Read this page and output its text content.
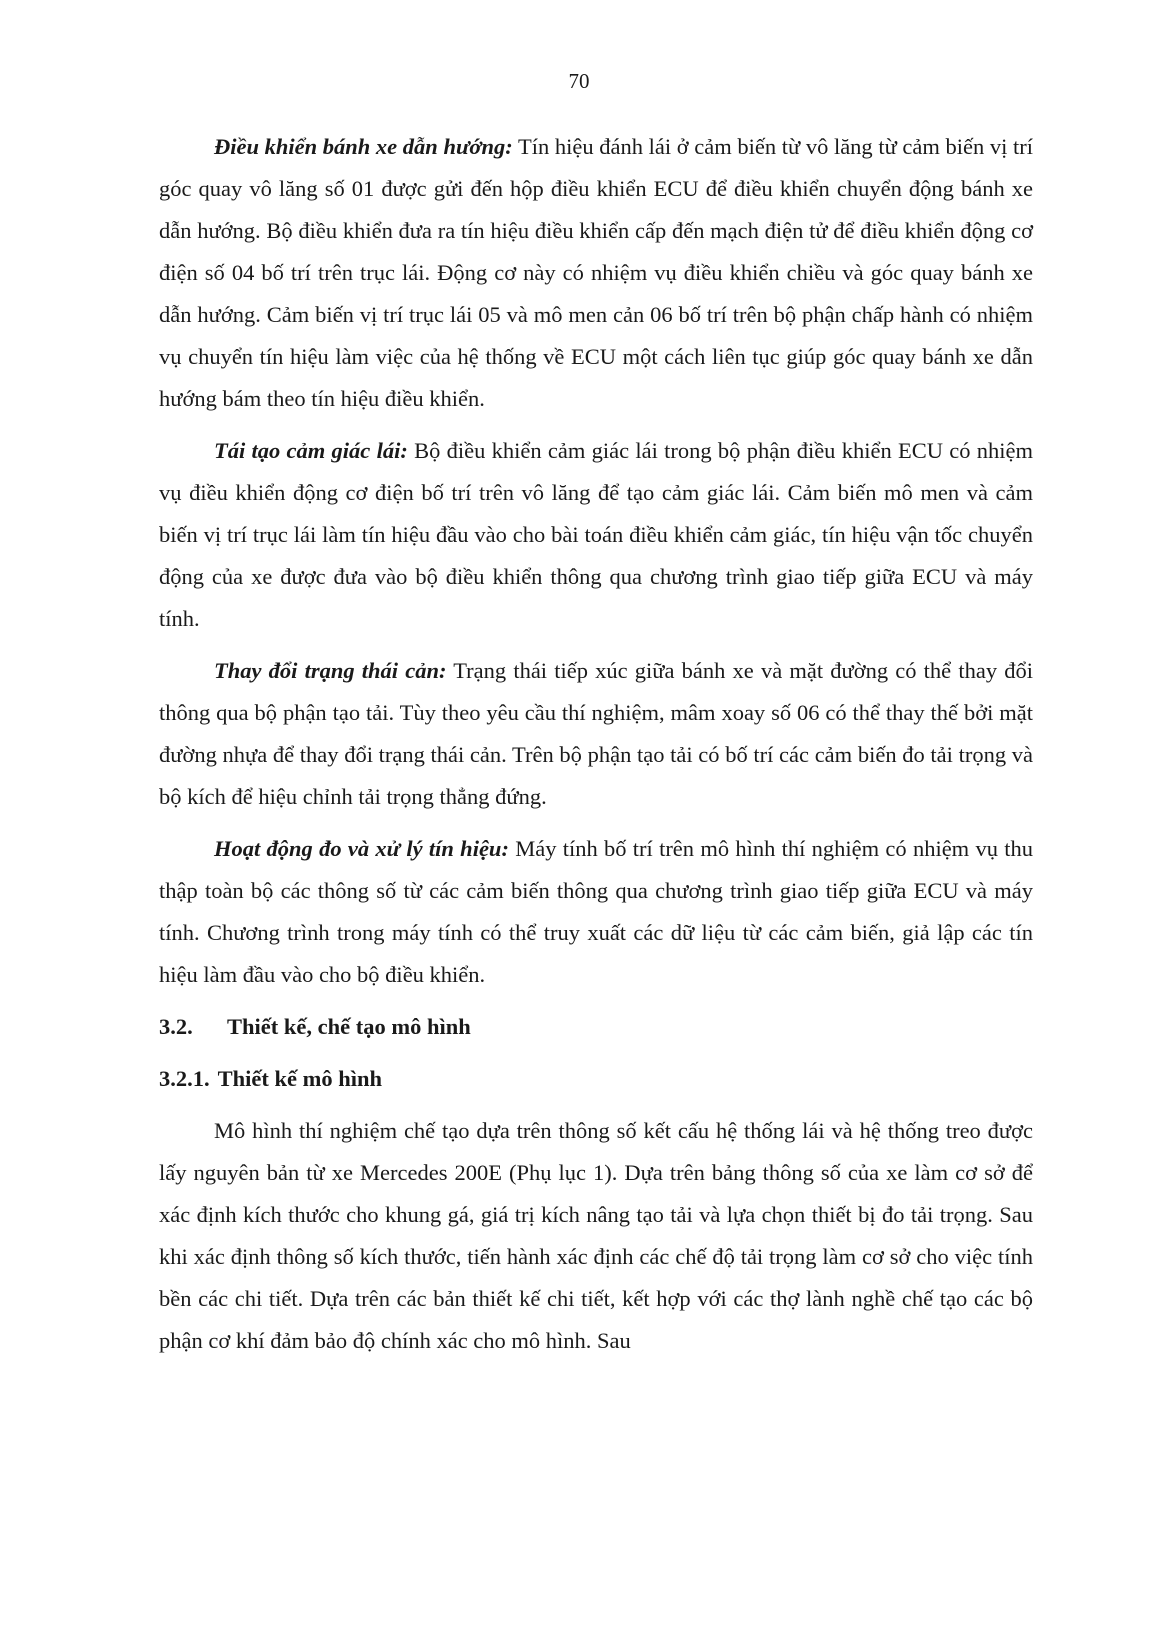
70

Điều khiển bánh xe dẫn hướng: Tín hiệu đánh lái ở cảm biến từ vô lăng từ cảm biến vị trí góc quay vô lăng số 01 được gửi đến hộp điều khiển ECU để điều khiển chuyển động bánh xe dẫn hướng. Bộ điều khiển đưa ra tín hiệu điều khiển cấp đến mạch điện tử để điều khiển động cơ điện số 04 bố trí trên trục lái. Động cơ này có nhiệm vụ điều khiển chiều và góc quay bánh xe dẫn hướng. Cảm biến vị trí trục lái 05 và mô men cản 06 bố trí trên bộ phận chấp hành có nhiệm vụ chuyển tín hiệu làm việc của hệ thống về ECU một cách liên tục giúp góc quay bánh xe dẫn hướng bám theo tín hiệu điều khiển.

Tái tạo cảm giác lái: Bộ điều khiển cảm giác lái trong bộ phận điều khiển ECU có nhiệm vụ điều khiển động cơ điện bố trí trên vô lăng để tạo cảm giác lái. Cảm biến mô men và cảm biến vị trí trục lái làm tín hiệu đầu vào cho bài toán điều khiển cảm giác, tín hiệu vận tốc chuyển động của xe được đưa vào bộ điều khiển thông qua chương trình giao tiếp giữa ECU và máy tính.

Thay đổi trạng thái cản: Trạng thái tiếp xúc giữa bánh xe và mặt đường có thể thay đổi thông qua bộ phận tạo tải. Tùy theo yêu cầu thí nghiệm, mâm xoay số 06 có thể thay thế bởi mặt đường nhựa để thay đổi trạng thái cản. Trên bộ phận tạo tải có bố trí các cảm biến đo tải trọng và bộ kích để hiệu chỉnh tải trọng thẳng đứng.

Hoạt động đo và xử lý tín hiệu: Máy tính bố trí trên mô hình thí nghiệm có nhiệm vụ thu thập toàn bộ các thông số từ các cảm biến thông qua chương trình giao tiếp giữa ECU và máy tính. Chương trình trong máy tính có thể truy xuất các dữ liệu từ các cảm biến, giả lập các tín hiệu làm đầu vào cho bộ điều khiển.

3.2. Thiết kế, chế tạo mô hình
3.2.1. Thiết kế mô hình

Mô hình thí nghiệm chế tạo dựa trên thông số kết cấu hệ thống lái và hệ thống treo được lấy nguyên bản từ xe Mercedes 200E (Phụ lục 1). Dựa trên bảng thông số của xe làm cơ sở để xác định kích thước cho khung gá, giá trị kích nâng tạo tải và lựa chọn thiết bị đo tải trọng. Sau khi xác định thông số kích thước, tiến hành xác định các chế độ tải trọng làm cơ sở cho việc tính bền các chi tiết. Dựa trên các bản thiết kế chi tiết, kết hợp với các thợ lành nghề chế tạo các bộ phận cơ khí đảm bảo độ chính xác cho mô hình. Sau
